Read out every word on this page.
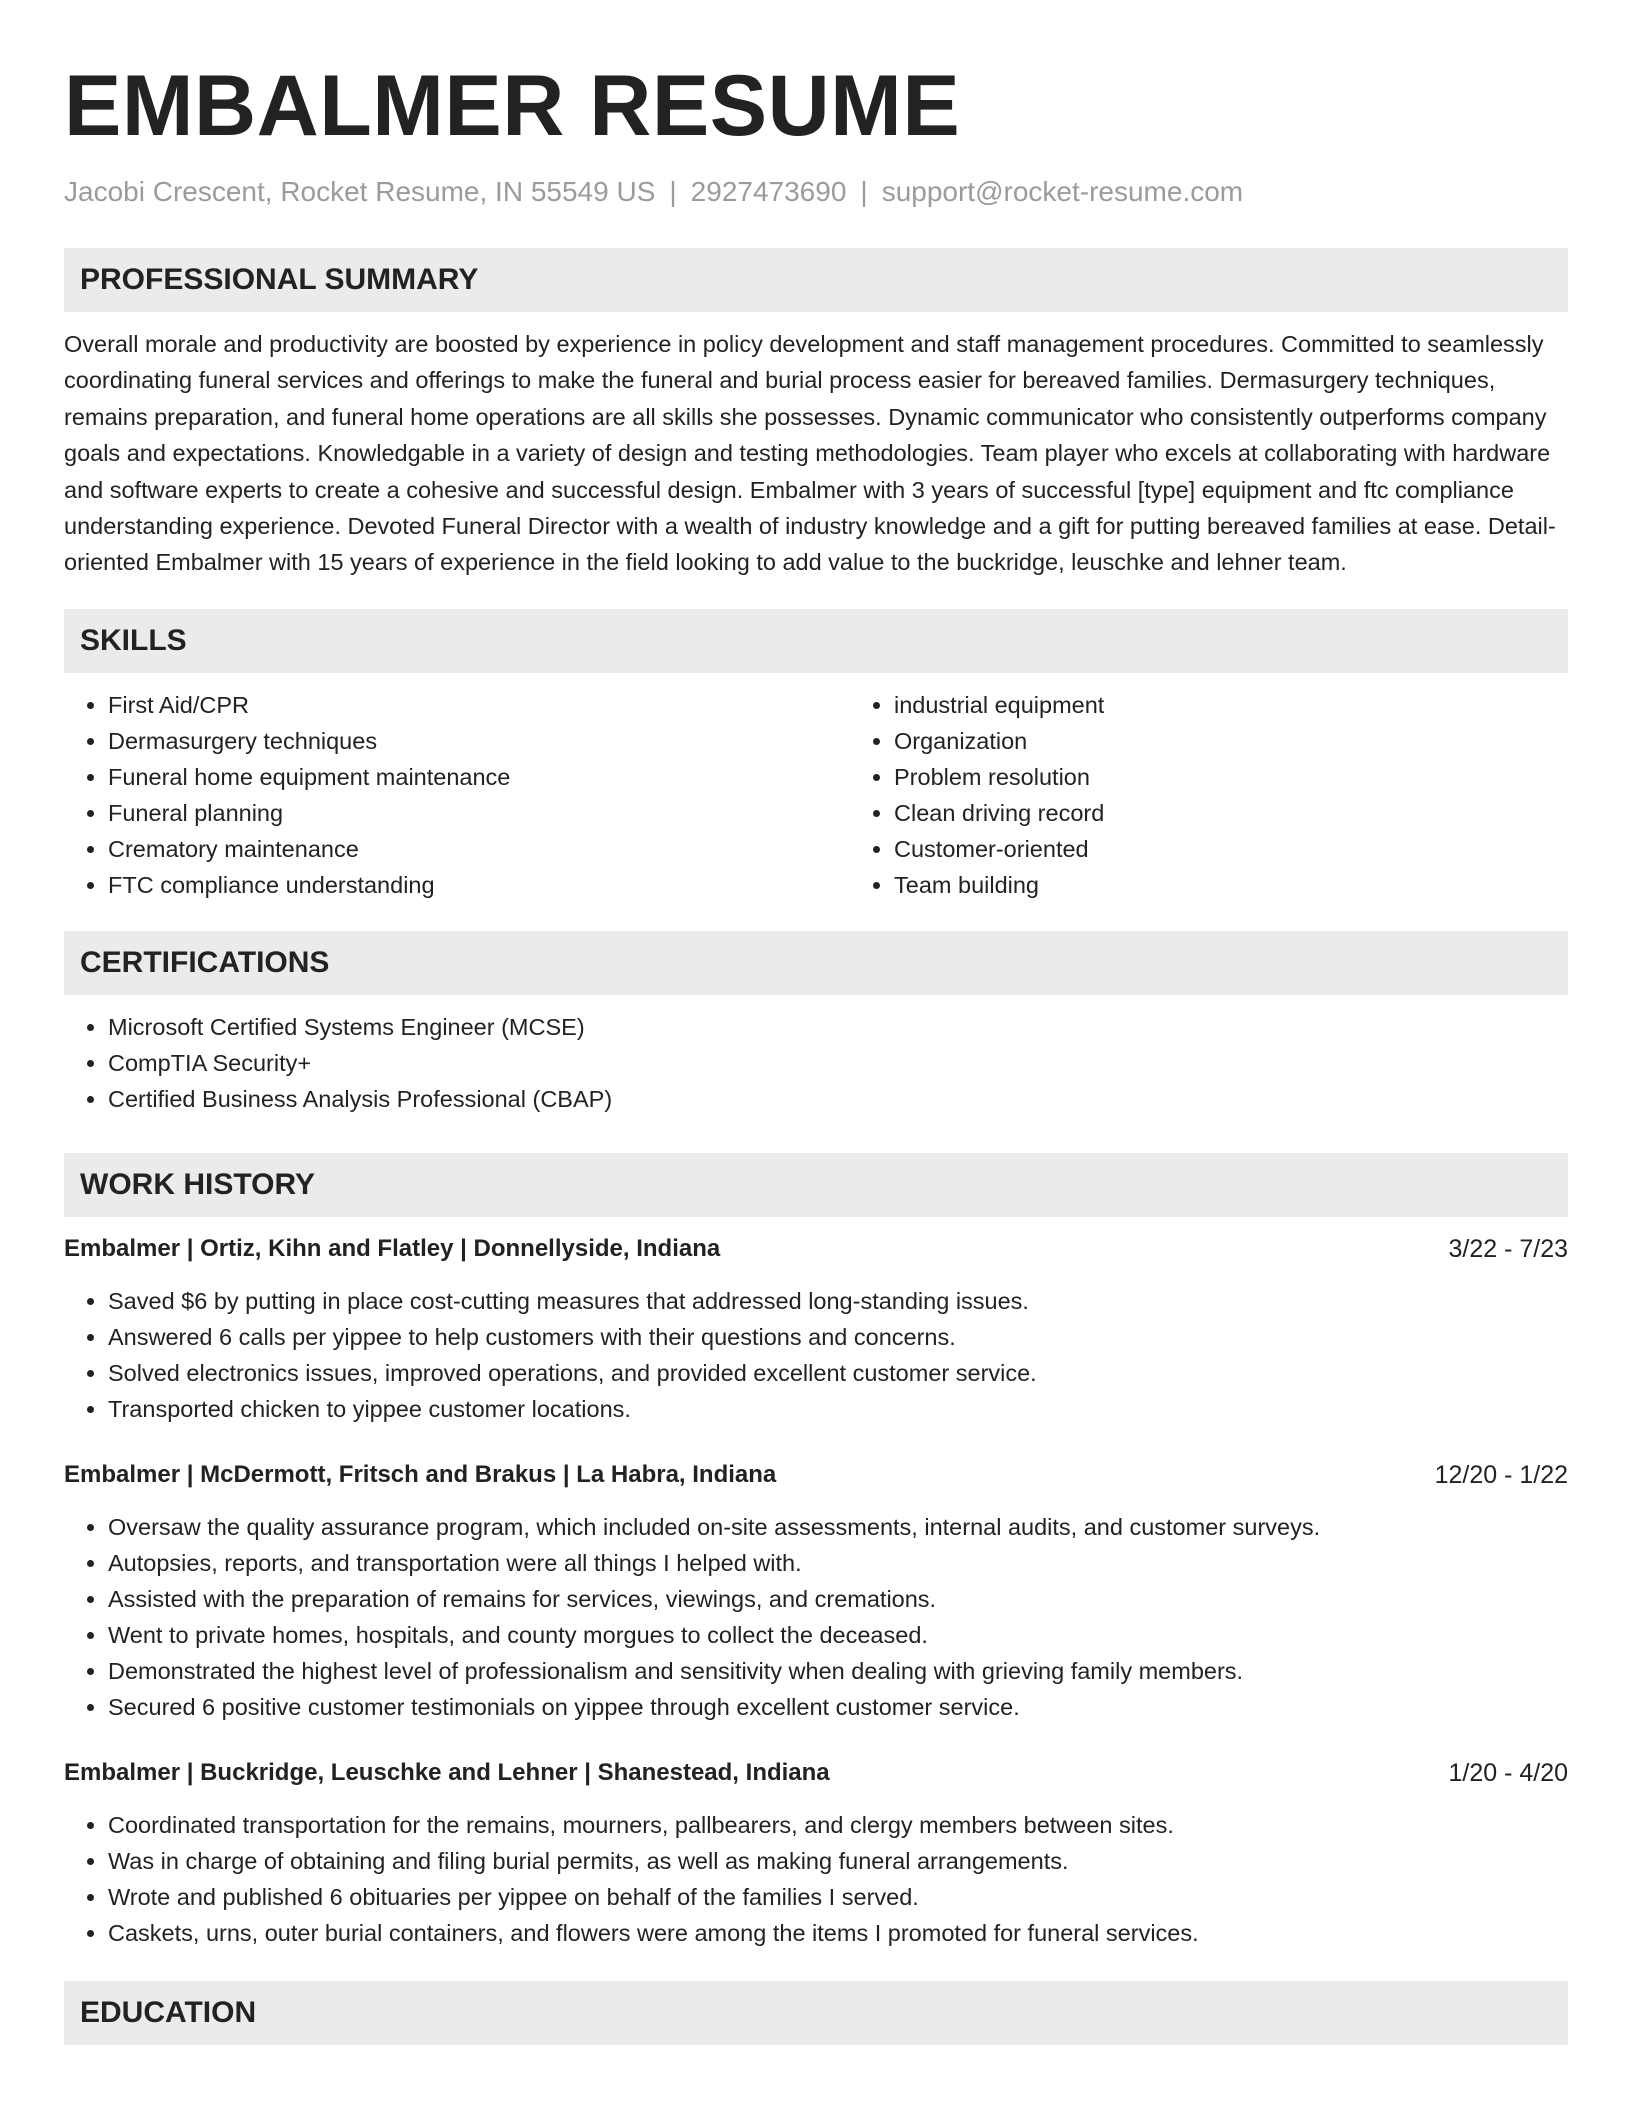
EMBALMER RESUME
Jacobi Crescent, Rocket Resume, IN 55549 US | 2927473690 | support@rocket-resume.com
PROFESSIONAL SUMMARY

Overall morale and productivity are boosted by experience in policy development and staff management procedures. Committed to seamlessly coordinating funeral services and offerings to make the funeral and burial process easier for bereaved families. Dermasurgery techniques, remains preparation, and funeral home operations are all skills she possesses. Dynamic communicator who consistently outperforms company goals and expectations. Knowledgable in a variety of design and testing methodologies. Team player who excels at collaborating with hardware and software experts to create a cohesive and successful design. Embalmer with 3 years of successful [type] equipment and ftc compliance understanding experience. Devoted Funeral Director with a wealth of industry knowledge and a gift for putting bereaved families at ease. Detail-oriented Embalmer with 15 years of experience in the field looking to add value to the buckridge, leuschke and lehner team.

SKILLS
• First Aid/CPR
• Dermasurgery techniques
• Funeral home equipment maintenance
• Funeral planning
• Crematory maintenance
• FTC compliance understanding
• industrial equipment
• Organization
• Problem resolution
• Clean driving record
• Customer-oriented
• Team building
CERTIFICATIONS
• Microsoft Certified Systems Engineer (MCSE)
• CompTIA Security+
• Certified Business Analysis Professional (CBAP)
WORK HISTORY
Embalmer | Ortiz, Kihn and Flatley | Donnellyside, Indiana	3/22 - 7/23
• Saved $6 by putting in place cost-cutting measures that addressed long-standing issues.
• Answered 6 calls per yippee to help customers with their questions and concerns.
• Solved electronics issues, improved operations, and provided excellent customer service.
• Transported chicken to yippee customer locations.
Embalmer | McDermott, Fritsch and Brakus | La Habra, Indiana	12/20 - 1/22
• Oversaw the quality assurance program, which included on-site assessments, internal audits, and customer surveys.
• Autopsies, reports, and transportation were all things I helped with.
• Assisted with the preparation of remains for services, viewings, and cremations.
• Went to private homes, hospitals, and county morgues to collect the deceased.
• Demonstrated the highest level of professionalism and sensitivity when dealing with grieving family members.
• Secured 6 positive customer testimonials on yippee through excellent customer service.
Embalmer | Buckridge, Leuschke and Lehner | Shanestead, Indiana	1/20 - 4/20
• Coordinated transportation for the remains, mourners, pallbearers, and clergy members between sites.
• Was in charge of obtaining and filing burial permits, as well as making funeral arrangements.
• Wrote and published 6 obituaries per yippee on behalf of the families I served.
• Caskets, urns, outer burial containers, and flowers were among the items I promoted for funeral services.
EDUCATION
